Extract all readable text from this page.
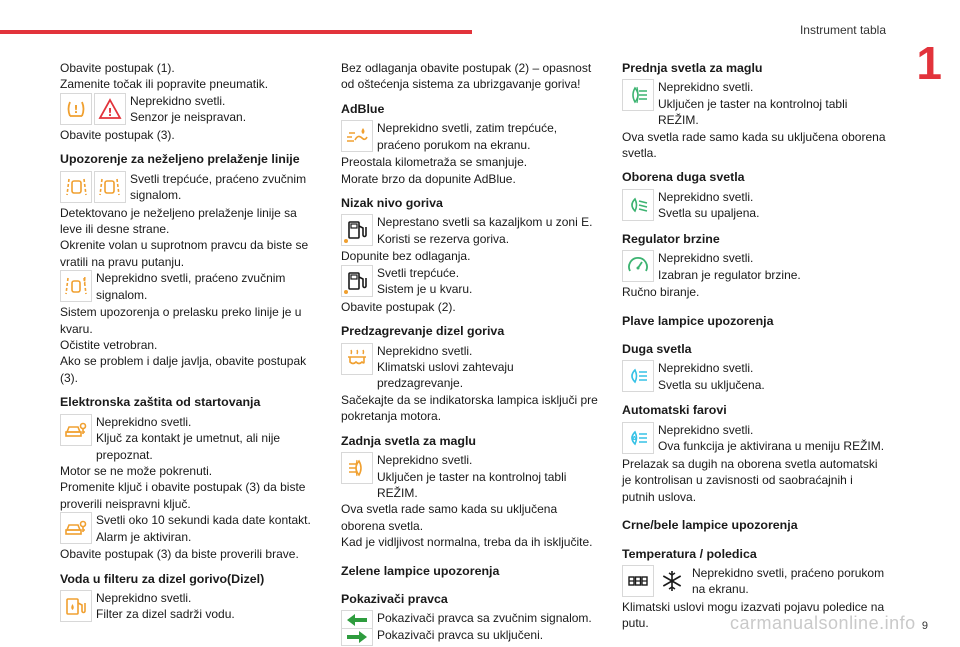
Instrument tabla
1

Obavite postupak (1).

Zamenite točak ili popravite pneumatik.

!	!
Neprekidno svetli.
Senzor je neispravan.

Obavite postupak (3).

Upozorenje za neželjeno prelaženje linije
Svetli trepćuće, praćeno zvučnim signalom.

Detektovano je neželjeno prelaženje linije sa leve ili desne strane.

Okrenite volan u suprotnom pravcu da biste se vratili na pravu putanju.

! Neprekidno svetli, praćeno zvučnim signalom.

Sistem upozorenja o prelasku preko linije je u kvaru.

Očistite vetrobran.

Ako se problem i dalje javlja, obavite postupak (3).

Elektronska zaštita od startovanja
Neprekidno svetli.
Ključ za kontakt je umetnut, ali nije prepoznat.

Motor se ne može pokrenuti.

Promenite ključ i obavite postupak (3) da biste proverili neispravni ključ.

Svetli oko 10 sekundi kada date kontakt.
Alarm je aktiviran.

Obavite postupak (3) da biste proverili brave.

Voda u filteru za dizel gorivo(Dizel)
Neprekidno svetli.
Filter za dizel sadrži vodu.

Bez odlaganja obavite postupak (2) – opasnost od oštećenja sistema za ubrizgavanje goriva!

AdBlue
Neprekidno svetli, zatim trepćuće, praćeno porukom na ekranu.

Preostala kilometraža se smanjuje.

Morate brzo da dopunite AdBlue.

Nizak nivo goriva
Neprestano svetli sa kazaljkom u zoni E.
Koristi se rezerva goriva.

Dopunite bez odlaganja.

Svetli trepćuće.
Sistem je u kvaru.

Obavite postupak (2).

Predzagrevanje dizel goriva
Neprekidno svetli.
Klimatski uslovi zahtevaju predzagrevanje.

Sačekajte da se indikatorska lampica isključi pre pokretanja motora.

Zadnja svetla za maglu
Neprekidno svetli.
Uključen je taster na kontrolnoj tabli REŽIM.

Ova svetla rade samo kada su uključena oborena svetla.

Kad je vidljivost normalna, treba da ih isključite.

Zelene lampice upozorenja
Pokazivači pravca
Pokazivači pravca sa zvučnim signalom.
Pokazivači pravca su uključeni.
Prednja svetla za maglu
Neprekidno svetli.
Uključen je taster na kontrolnoj tabli REŽIM.

Ova svetla rade samo kada su uključena oborena svetla.

Oborena duga svetla
Neprekidno svetli.
Svetla su upaljena.
Regulator brzine
Neprekidno svetli.
Izabran je regulator brzine.

Ručno biranje.

Plave lampice upozorenja
Duga svetla
Neprekidno svetli.
Svetla su uključena.
Automatski farovi
A
Neprekidno svetli.
Ova funkcija je aktivirana u meniju REŽIM.

Prelazak sa dugih na oborena svetla automatski je kontrolisan u zavisnosti od saobraćajnih i putnih uslova.

Crne/bele lampice upozorenja
Temperatura / poledica
Neprekidno svetli, praćeno porukom na ekranu.

Klimatski uslovi mogu izazvati pojavu poledice na putu.	carmanualsonline.info 9
